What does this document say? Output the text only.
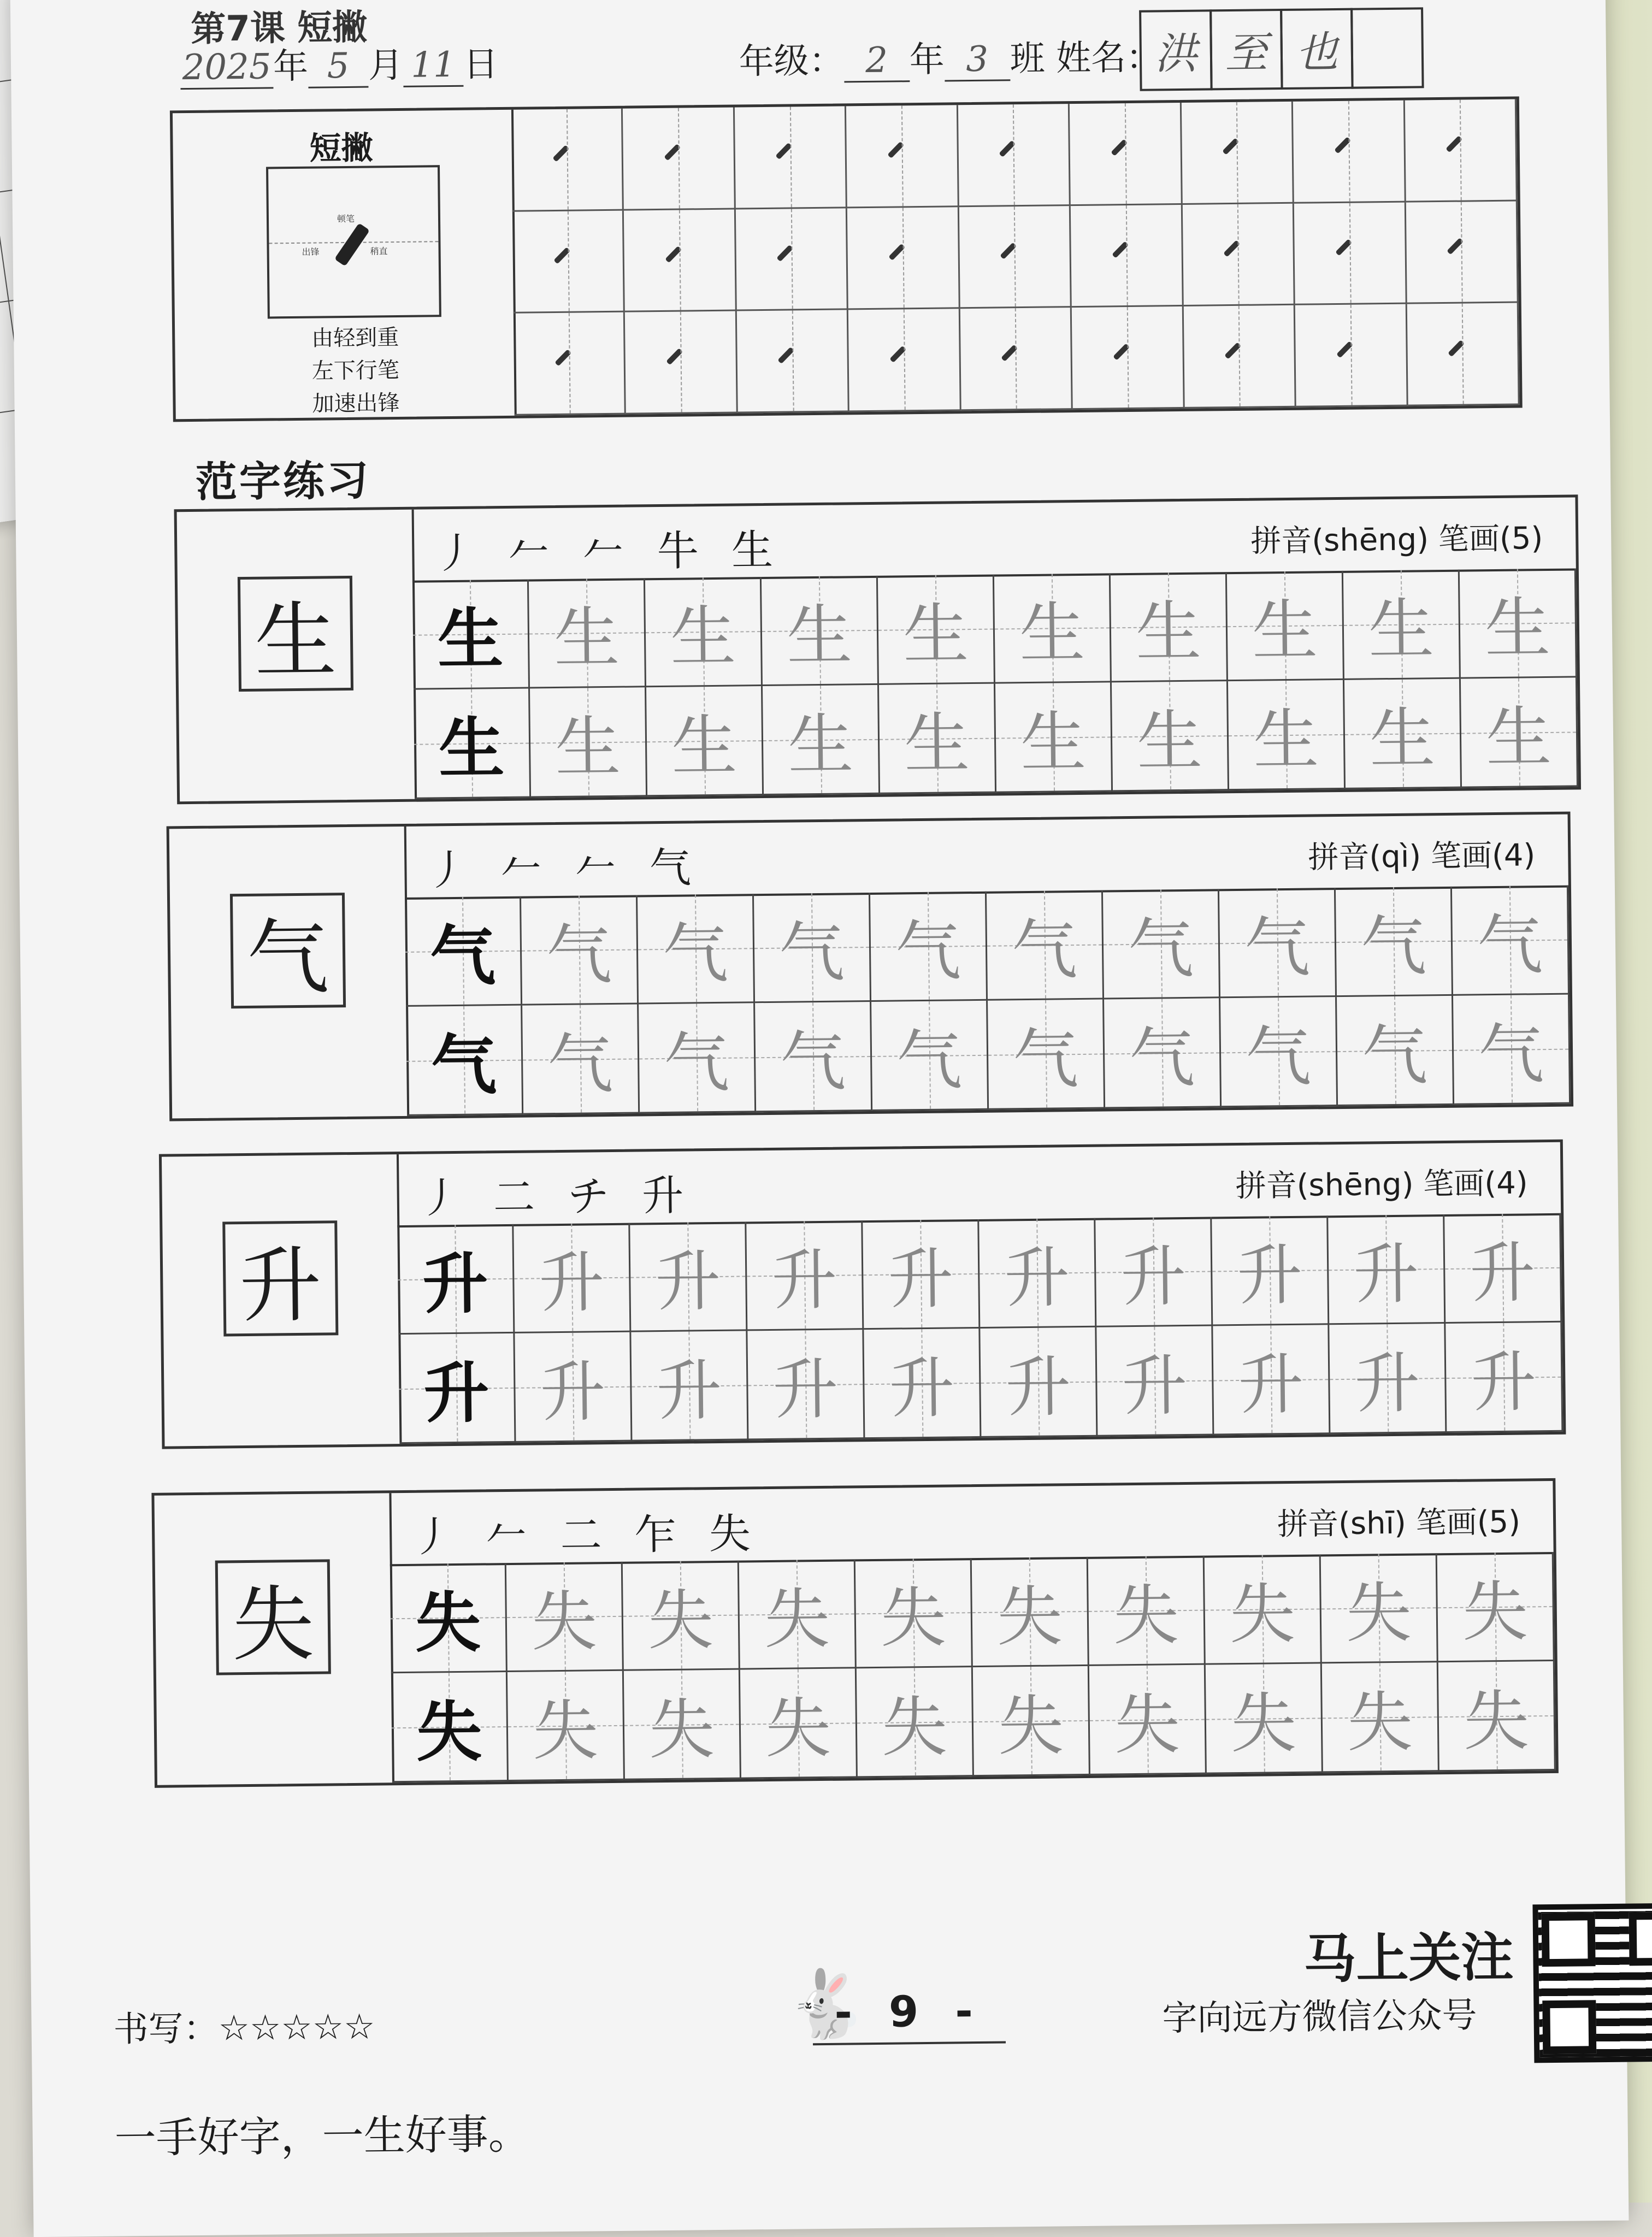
第7课 短撇
2025年 5 月 11 日	年级： 2 年 3 班 姓名：
洪 至 也
短撇
顿笔
出锋	稍直
由轻到重
左下行笔
加速出锋
范字练习
生
丿 𠂉 𠂉 牛 生	拼音(shēng) 笔画(5)
生 生 生 生 生 生 生 生 生 生
生 生 生 生 生 生 生 生 生 生
气
丿 𠂉 𠂉 气	拼音(qì) 笔画(4)
气 气 气 气 气 气 气 气 气 气
气 气 气 气 气 气 气 气 气 气
升
丿 二 チ 升	拼音(shēng) 笔画(4)
升 升 升 升 升 升 升 升 升 升
升 升 升 升 升 升 升 升 升 升
失
丿 𠂉 二 乍 失	拼音(shī) 笔画(5)
失 失 失 失 失 失 失 失 失 失
失 失 失 失 失 失 失 失 失 失
书写：☆☆☆☆☆
一手好字，一生好事。
🐇
- 9 -
马上关注
字向远方微信公众号
